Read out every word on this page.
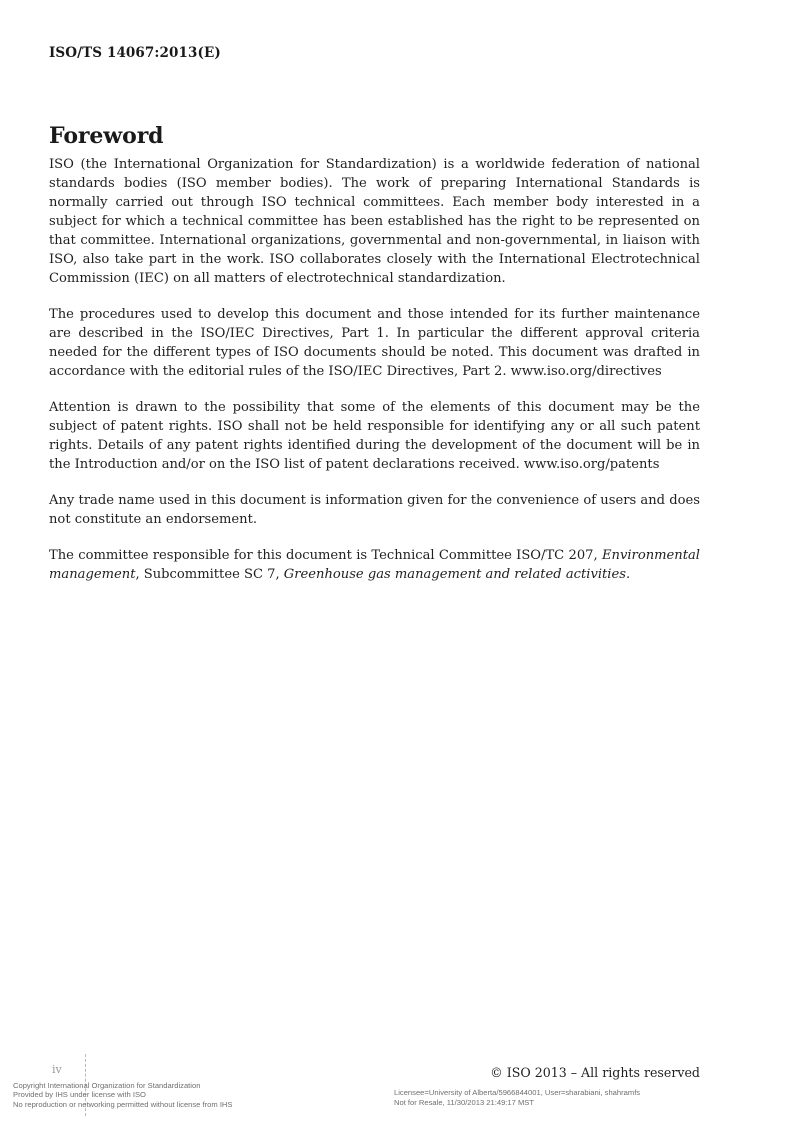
ISO/TS 14067:2013(E)
Foreword

ISO (the International Organization for Standardization) is a worldwide federation of national standards bodies (ISO member bodies). The work of preparing International Standards is normally carried out through ISO technical committees. Each member body interested in a subject for which a technical committee has been established has the right to be represented on that committee. International organizations, governmental and non-governmental, in liaison with ISO, also take part in the work. ISO collaborates closely with the International Electrotechnical Commission (IEC) on all matters of electrotechnical standardization.

The procedures used to develop this document and those intended for its further maintenance are described in the ISO/IEC Directives, Part 1. In particular the different approval criteria needed for the different types of ISO documents should be noted. This document was drafted in accordance with the editorial rules of the ISO/IEC Directives, Part 2. www.iso.org/directives

Attention is drawn to the possibility that some of the elements of this document may be the subject of patent rights. ISO shall not be held responsible for identifying any or all such patent rights. Details of any patent rights identified during the development of the document will be in the Introduction and/or on the ISO list of patent declarations received. www.iso.org/patents

Any trade name used in this document is information given for the convenience of users and does not constitute an endorsement.

The committee responsible for this document is Technical Committee ISO/TC 207, Environmental management, Subcommittee SC 7, Greenhouse gas management and related activities.

iv	© ISO 2013 – All rights reserved
Copyright International Organization for Standardization
Provided by IHS under license with ISO
No reproduction or networking permitted without license from IHS
Licensee=University of Alberta/5966844001, User=sharabiani, shahramfs
Not for Resale, 11/30/2013 21:49:17 MST
